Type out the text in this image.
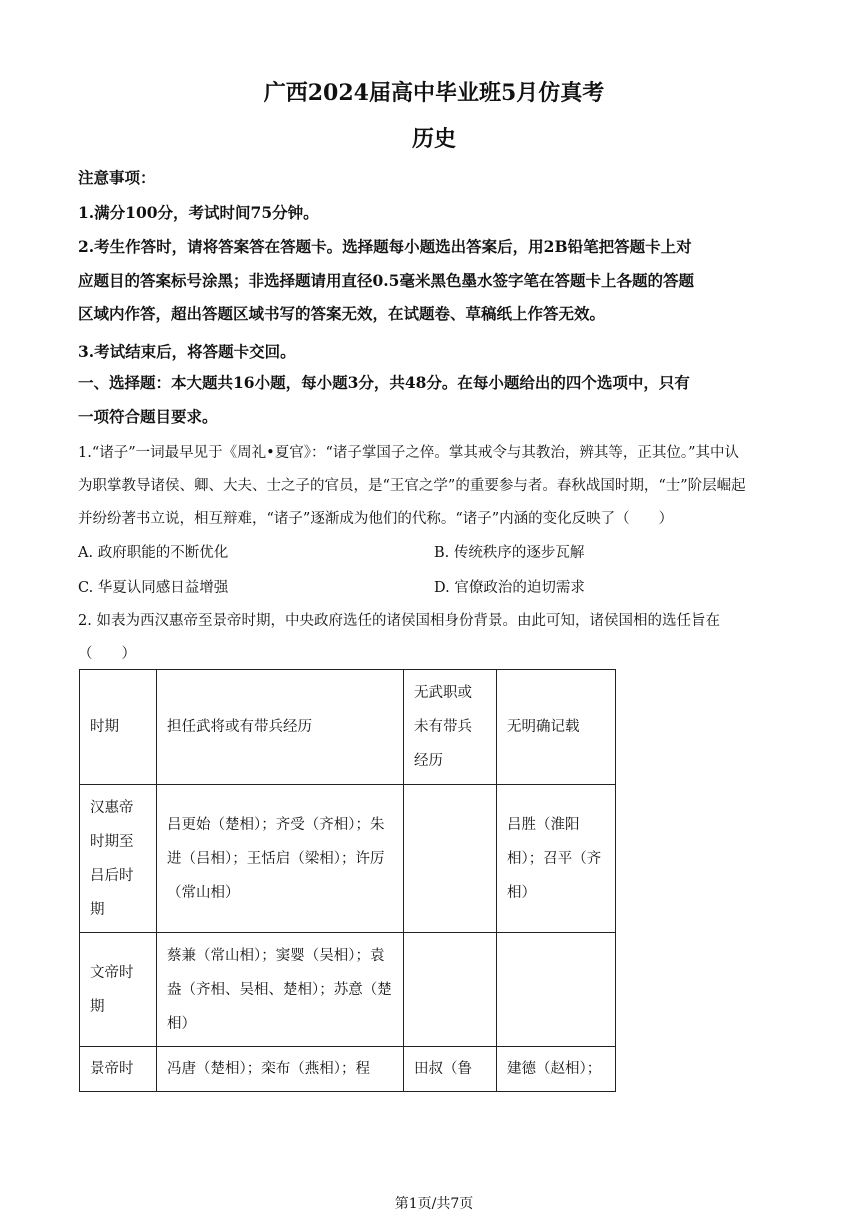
广西2024届高中毕业班5月仿真考
历史
注意事项：
1.满分100分，考试时间75分钟。
2.考生作答时，请将答案答在答题卡。选择题每小题选出答案后，用2B铅笔把答题卡上对
应题目的答案标号涂黑；非选择题请用直径0.5毫米黑色墨水签字笔在答题卡上各题的答题
区域内作答，超出答题区域书写的答案无效，在试题卷、草稿纸上作答无效。
3.考试结束后，将答题卡交回。
一、选择题：本大题共16小题，每小题3分，共48分。在每小题给出的四个选项中，只有
一项符合题目要求。
1.“诸子”一词最早见于《周礼•夏官》：“诸子掌国子之倅。掌其戒令与其教治，辨其等，正其位。”其中认
为职掌教导诸侯、卿、大夫、士之子的官员，是“王官之学”的重要参与者。春秋战国时期，“士”阶层崛起
并纷纷著书立说，相互辩难，“诸子”逐渐成为他们的代称。“诸子”内涵的变化反映了（　　）
A. 政府职能的不断优化	B. 传统秩序的逐步瓦解
C. 华夏认同感日益增强	D. 官僚政治的迫切需求
2. 如表为西汉惠帝至景帝时期，中央政府选任的诸侯国相身份背景。由此可知，诸侯国相的选任旨在
（　　）
时期	担任武将或有带兵经历	无武职或未有带兵经历	无明确记载
汉惠帝时期至吕后时期	吕更始（楚相）；齐受（齐相）；朱进（吕相）；王恬启（梁相）；许厉（常山相）		吕胜（淮阳相）；召平（齐相）
文帝时期	蔡兼（常山相）；窦婴（吴相）；袁盎（齐相、吴相、楚相）；苏意（楚相）		
景帝时	冯唐（楚相）；栾布（燕相）；程	田叔（鲁	建德（赵相）；
第1页/共7页
